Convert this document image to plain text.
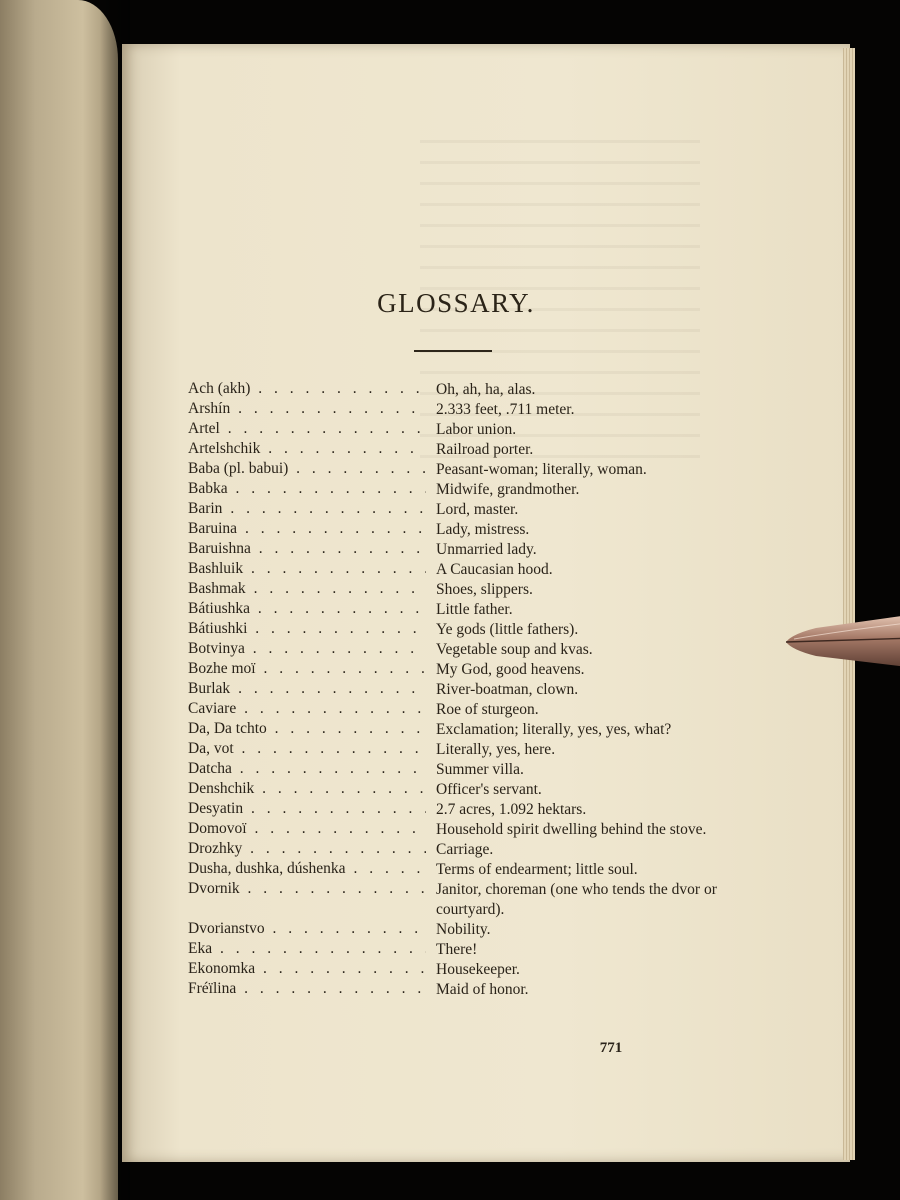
GLOSSARY.
Ach (akh) . . .	Oh, ah, ha, alas.
Arshín . . .	2.333 feet, .711 meter.
Artel . . .	Labor union.
Artelshchik . . .	Railroad porter.
Baba (pl. babui) . . .	Peasant-woman; literally, woman.
Babka . . .	Midwife, grandmother.
Barin . . .	Lord, master.
Baruina . . .	Lady, mistress.
Baruishna . . .	Unmarried lady.
Bashluik . . .	A Caucasian hood.
Bashmak . . .	Shoes, slippers.
Bátiushka . . .	Little father.
Bátiushki . . .	Ye gods (little fathers).
Botvinya . . .	Vegetable soup and kvas.
Bozhe moï . . .	My God, good heavens.
Burlak . . .	River-boatman, clown.
Caviare . . .	Roe of sturgeon.
Da, Da tchto . . .	Exclamation; literally, yes, yes, what?
Da, vot . . .	Literally, yes, here.
Datcha . . .	Summer villa.
Denshchik . . .	Officer's servant.
Desyatin . . .	2.7 acres, 1.092 hektars.
Domovoï . . .	Household spirit dwelling behind the stove.
Drozhky . . .	Carriage.
Dusha, dushka, dúshenka . . .	Terms of endearment; little soul.
Dvornik . . .	Janitor, choreman (one who tends the dvor or courtyard).
Dvorianstvo . . .	Nobility.
Eka . . .	There!
Ekonomka . . .	Housekeeper.
Fréïlina . . .	Maid of honor.
771
